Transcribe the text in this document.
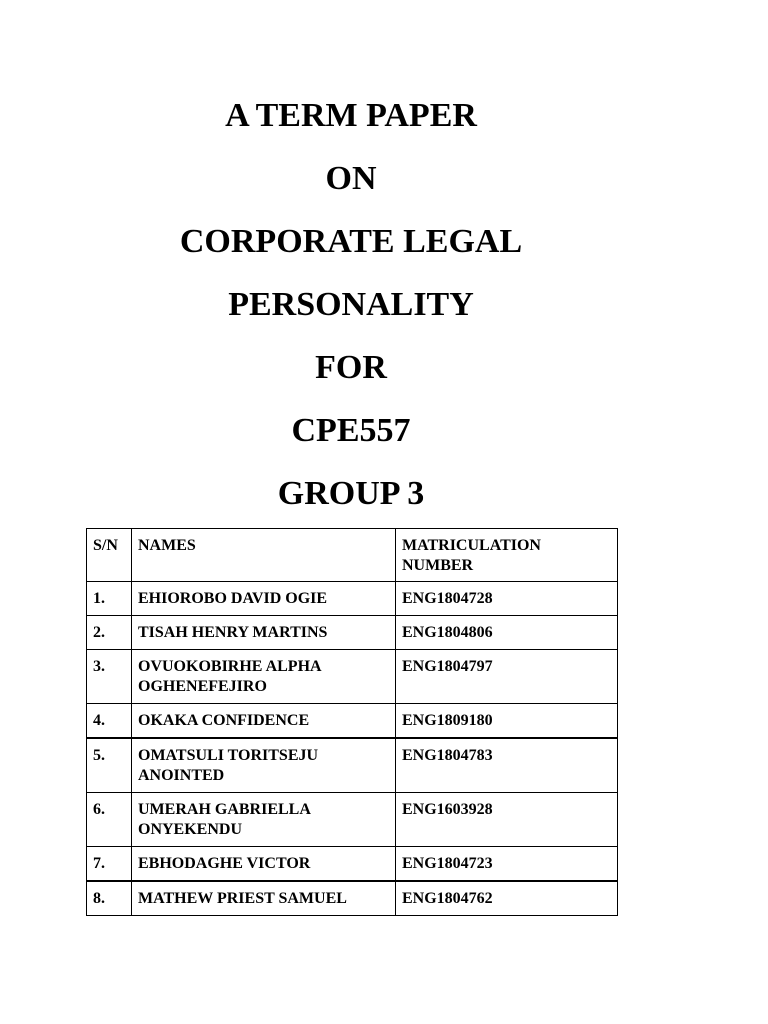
A TERM PAPER
ON
CORPORATE LEGAL
PERSONALITY
FOR
CPE557
GROUP 3
S/N	NAMES	MATRICULATION NUMBER
1.	EHIOROBO DAVID OGIE	ENG1804728
2.	TISAH HENRY MARTINS	ENG1804806
3.	OVUOKOBIRHE ALPHA OGHENEFEJIRO	ENG1804797
4.	OKAKA CONFIDENCE	ENG1809180
5.	OMATSULI TORITSEJU ANOINTED	ENG1804783
6.	UMERAH GABRIELLA ONYEKENDU	ENG1603928
7.	EBHODAGHE VICTOR	ENG1804723
8.	MATHEW PRIEST SAMUEL	ENG1804762
